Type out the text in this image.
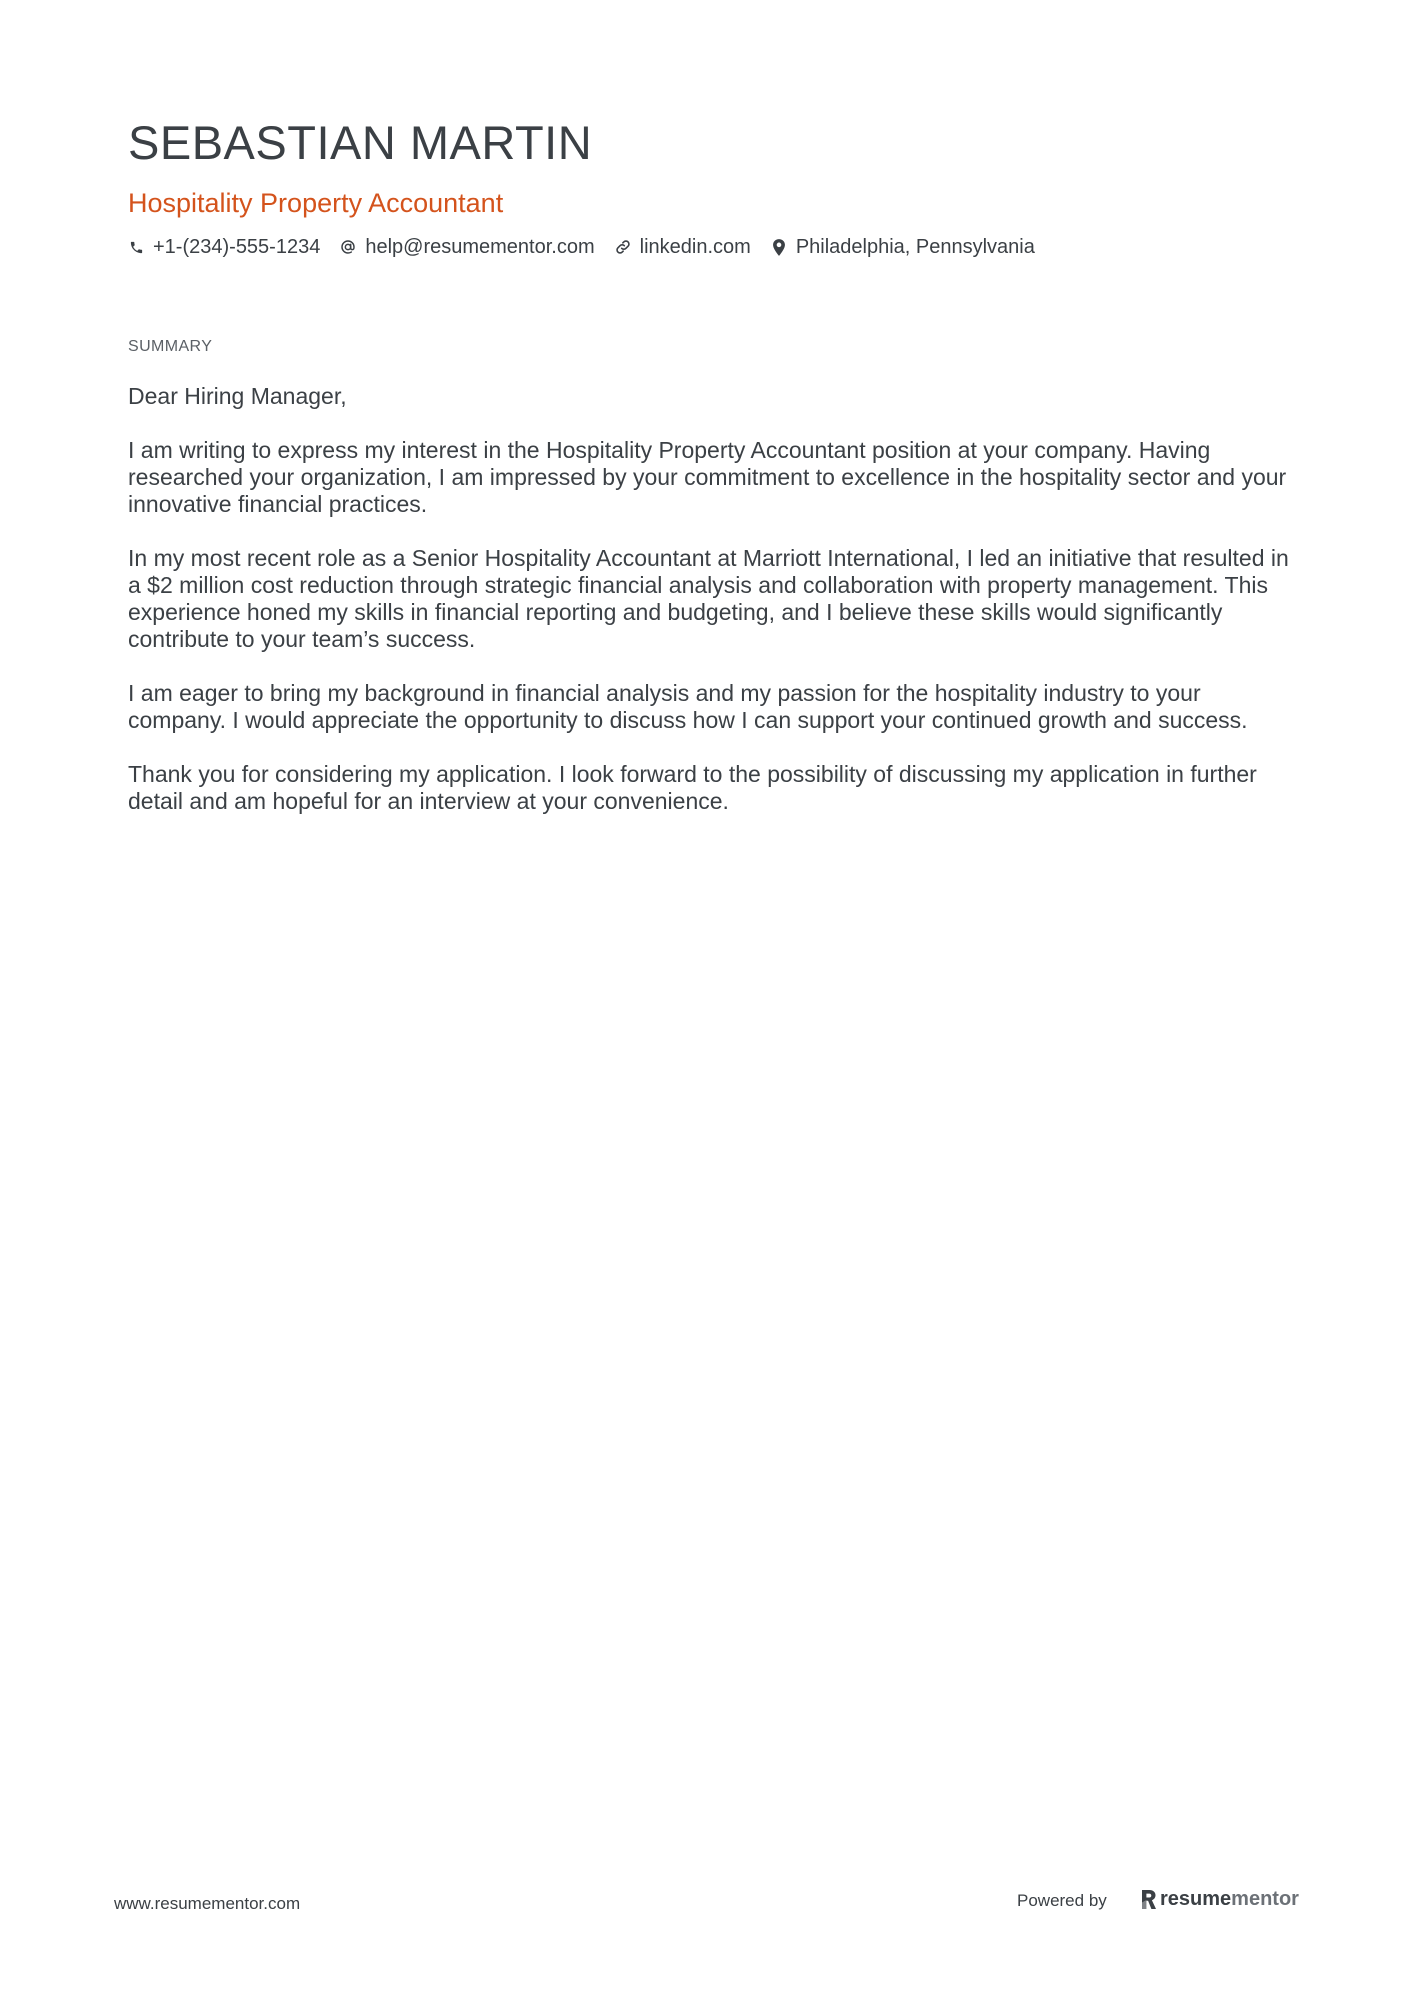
SEBASTIAN MARTIN
Hospitality Property Accountant
+1-(234)-555-1234 help@resumementor.com linkedin.com Philadelphia, Pennsylvania
SUMMARY

Dear Hiring Manager,

I am writing to express my interest in the Hospitality Property Accountant position at your company. Having researched your organization, I am impressed by your commitment to excellence in the hospitality sector and your innovative financial practices.

In my most recent role as a Senior Hospitality Accountant at Marriott International, I led an initiative that resulted in a $2 million cost reduction through strategic financial analysis and collaboration with property management. This experience honed my skills in financial reporting and budgeting, and I believe these skills would significantly contribute to your team’s success.

I am eager to bring my background in financial analysis and my passion for the hospitality industry to your company. I would appreciate the opportunity to discuss how I can support your continued growth and success.

Thank you for considering my application. I look forward to the possibility of discussing my application in further detail and am hopeful for an interview at your convenience.

www.resumementor.com	Powered by	resume mentor
